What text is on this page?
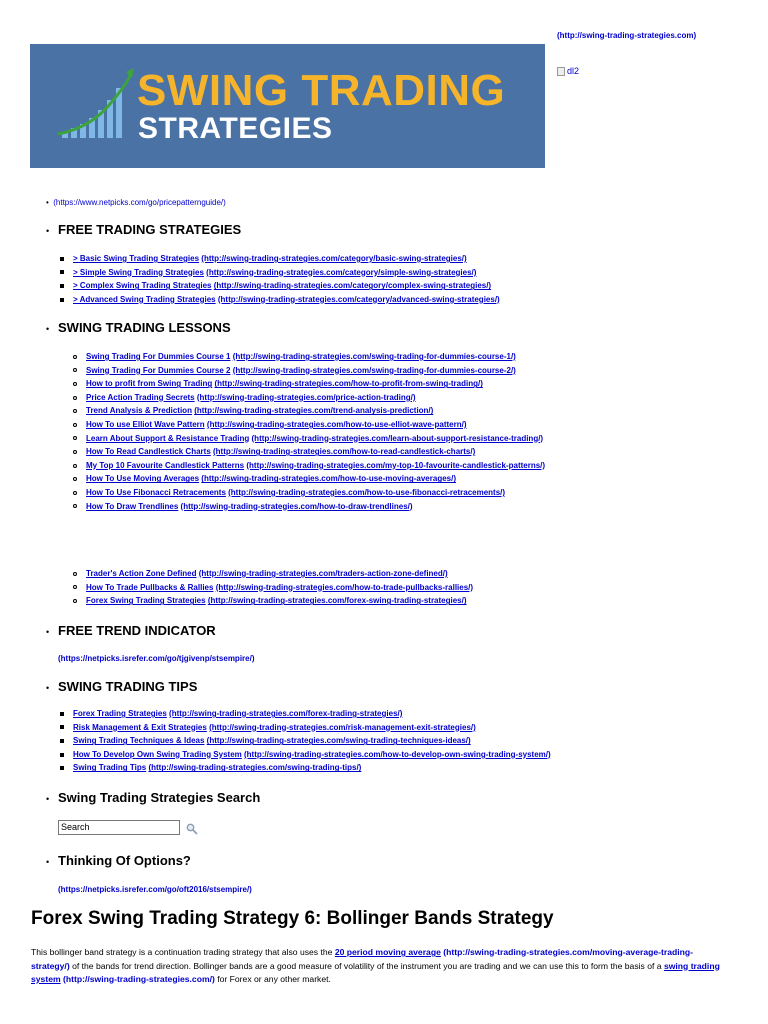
(http://swing-trading-strategies.com)
SWING TRADING
STRATEGIES
dl2
•  (https://www.netpicks.com/go/pricepatternguide/)
• FREE TRADING STRATEGIES
> Basic Swing Trading Strategies (http://swing-trading-strategies.com/category/basic-swing-strategies/)
> Simple Swing Trading Strategies (http://swing-trading-strategies.com/category/simple-swing-strategies/)
> Complex Swing Trading Strategies (http://swing-trading-strategies.com/category/complex-swing-strategies/)
> Advanced Swing Trading Strategies (http://swing-trading-strategies.com/category/advanced-swing-strategies/)
• SWING TRADING LESSONS
Swing Trading For Dummies Course 1 (http://swing-trading-strategies.com/swing-trading-for-dummies-course-1/)
Swing Trading For Dummies Course 2 (http://swing-trading-strategies.com/swing-trading-for-dummies-course-2/)
How to profit from Swing Trading (http://swing-trading-strategies.com/how-to-profit-from-swing-trading/)
Price Action Trading Secrets (http://swing-trading-strategies.com/price-action-trading/)
Trend Analysis & Prediction (http://swing-trading-strategies.com/trend-analysis-prediction/)
How To use Elliot Wave Pattern (http://swing-trading-strategies.com/how-to-use-elliot-wave-pattern/)
Learn About Support & Resistance Trading (http://swing-trading-strategies.com/learn-about-support-resistance-trading/)
How To Read Candlestick Charts (http://swing-trading-strategies.com/how-to-read-candlestick-charts/)
My Top 10 Favourite Candlestick Patterns (http://swing-trading-strategies.com/my-top-10-favourite-candlestick-patterns/)
How To Use Moving Averages (http://swing-trading-strategies.com/how-to-use-moving-averages/)
How To Use Fibonacci Retracements (http://swing-trading-strategies.com/how-to-use-fibonacci-retracements/)
How To Draw Trendlines (http://swing-trading-strategies.com/how-to-draw-trendlines/)
Trader's Action Zone Defined (http://swing-trading-strategies.com/traders-action-zone-defined/)
How To Trade Pullbacks & Rallies (http://swing-trading-strategies.com/how-to-trade-pullbacks-rallies/)
Forex Swing Trading Strategies (http://swing-trading-strategies.com/forex-swing-trading-strategies/)
• FREE TREND INDICATOR
(https://netpicks.isrefer.com/go/tjgivenp/stsempire/)
• SWING TRADING TIPS
Forex Trading Strategies (http://swing-trading-strategies.com/forex-trading-strategies/)
Risk Management & Exit Strategies (http://swing-trading-strategies.com/risk-management-exit-strategies/)
Swing Trading Techniques & Ideas (http://swing-trading-strategies.com/swing-trading-techniques-ideas/)
How To Develop Own Swing Trading System (http://swing-trading-strategies.com/how-to-develop-own-swing-trading-system/)
Swing Trading Tips (http://swing-trading-strategies.com/swing-trading-tips/)
• Swing Trading Strategies Search
Search
• Thinking Of Options?
(https://netpicks.isrefer.com/go/oft2016/stsempire/)
Forex Swing Trading Strategy 6: Bollinger Bands Strategy
This bollinger band strategy is a continuation trading strategy that also uses the 20 period moving average (http://swing-trading-strategies.com/moving-average-trading-strategy/) of the bands for trend direction. Bollinger bands are a good measure of volatility of the instrument you are trading and we can use this to form the basis of a swing trading system (http://swing-trading-strategies.com/) for Forex or any other market.
